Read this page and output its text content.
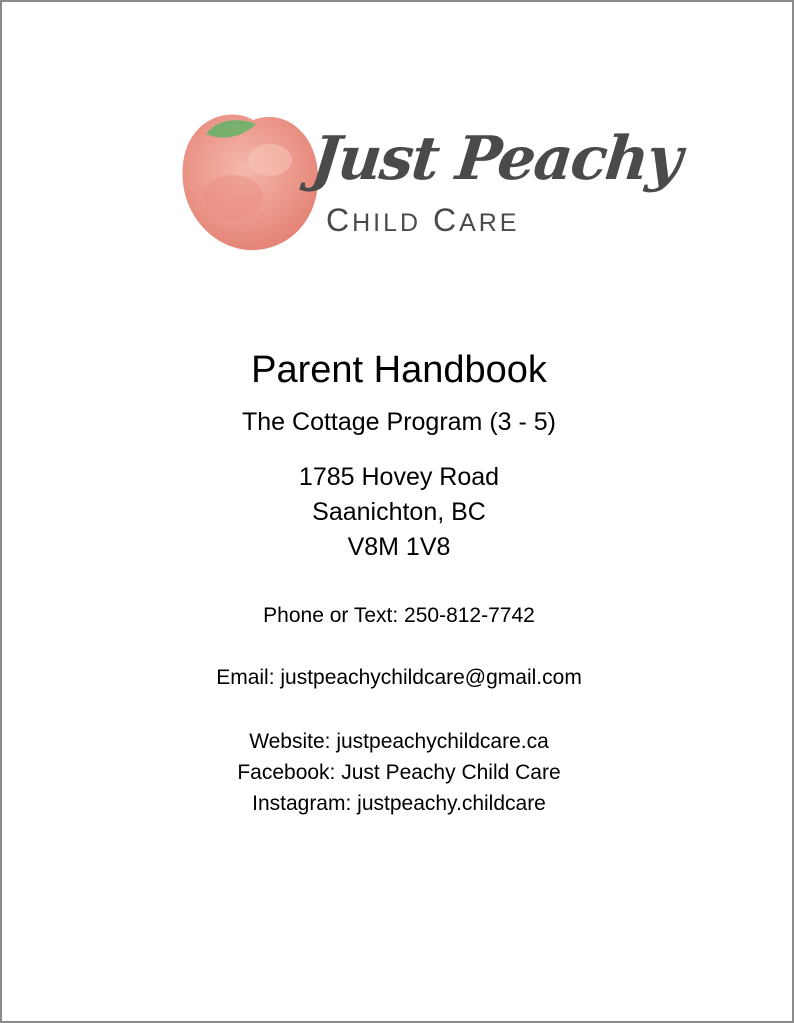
Just Peachy
CHILD CARE
Parent Handbook
The Cottage Program (3 - 5)
1785 Hovey Road
Saanichton, BC
V8M 1V8
Phone or Text: 250-812-7742
Email: justpeachychildcare@gmail.com
Website: justpeachychildcare.ca
Facebook: Just Peachy Child Care
Instagram: justpeachy.childcare
